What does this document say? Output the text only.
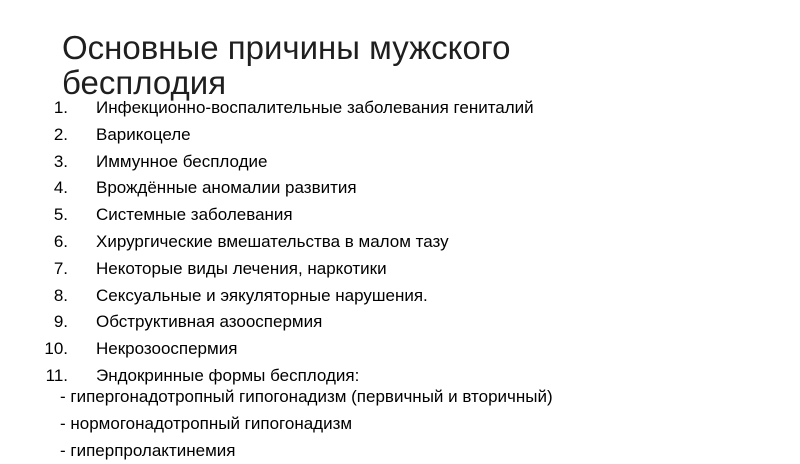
Основные причины мужского
бесплодия
1. Инфекционно-воспалительные заболевания гениталий
2. Варикоцеле
3. Иммунное бесплодие
4. Врождённые аномалии развития
5. Системные заболевания
6. Хирургические вмешательства в малом тазу
7. Некоторые виды лечения, наркотики
8. Сексуальные и эякуляторные нарушения.
9. Обструктивная азооспермия
10. Некрозооспермия
11. Эндокринные формы бесплодия:
- гипергонадотропный гипогонадизм (первичный и вторичный)
- нормогонадотропный гипогонадизм
- гиперпролактинемия
